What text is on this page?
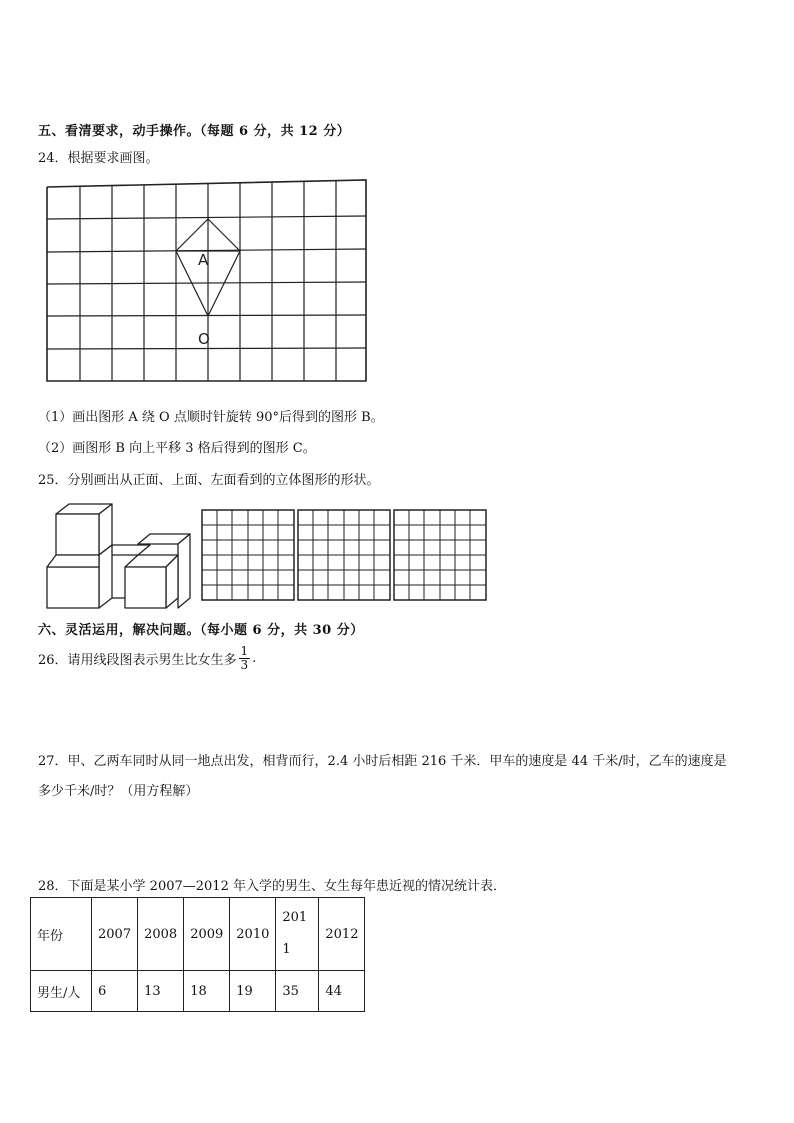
五、看清要求，动手操作。（每题 6 分，共 12 分）
24．根据要求画图。
A
O
（1）画出图形 A 绕 O 点顺时针旋转 90°后得到的图形 B。
（2）画图形 B 向上平移 3 格后得到的图形 C。
25．分别画出从正面、上面、左面看到的立体图形的形状。
六、灵活运用，解决问题。（每小题 6 分，共 30 分）
26．请用线段图表示男生比女生多 $\frac{1}{3}$ .
27．甲、乙两车同时从同一地点出发，相背而行，2.4 小时后相距 216 千米．甲车的速度是 44 千米/时，乙车的速度是
多少千米/时？（用方程解）
28．下面是某小学 2007—2012 年入学的男生、女生每年患近视的情况统计表．
年份	2007	2008	2009	2010	2011	2012
男生/人	6	13	18	19	35	44
